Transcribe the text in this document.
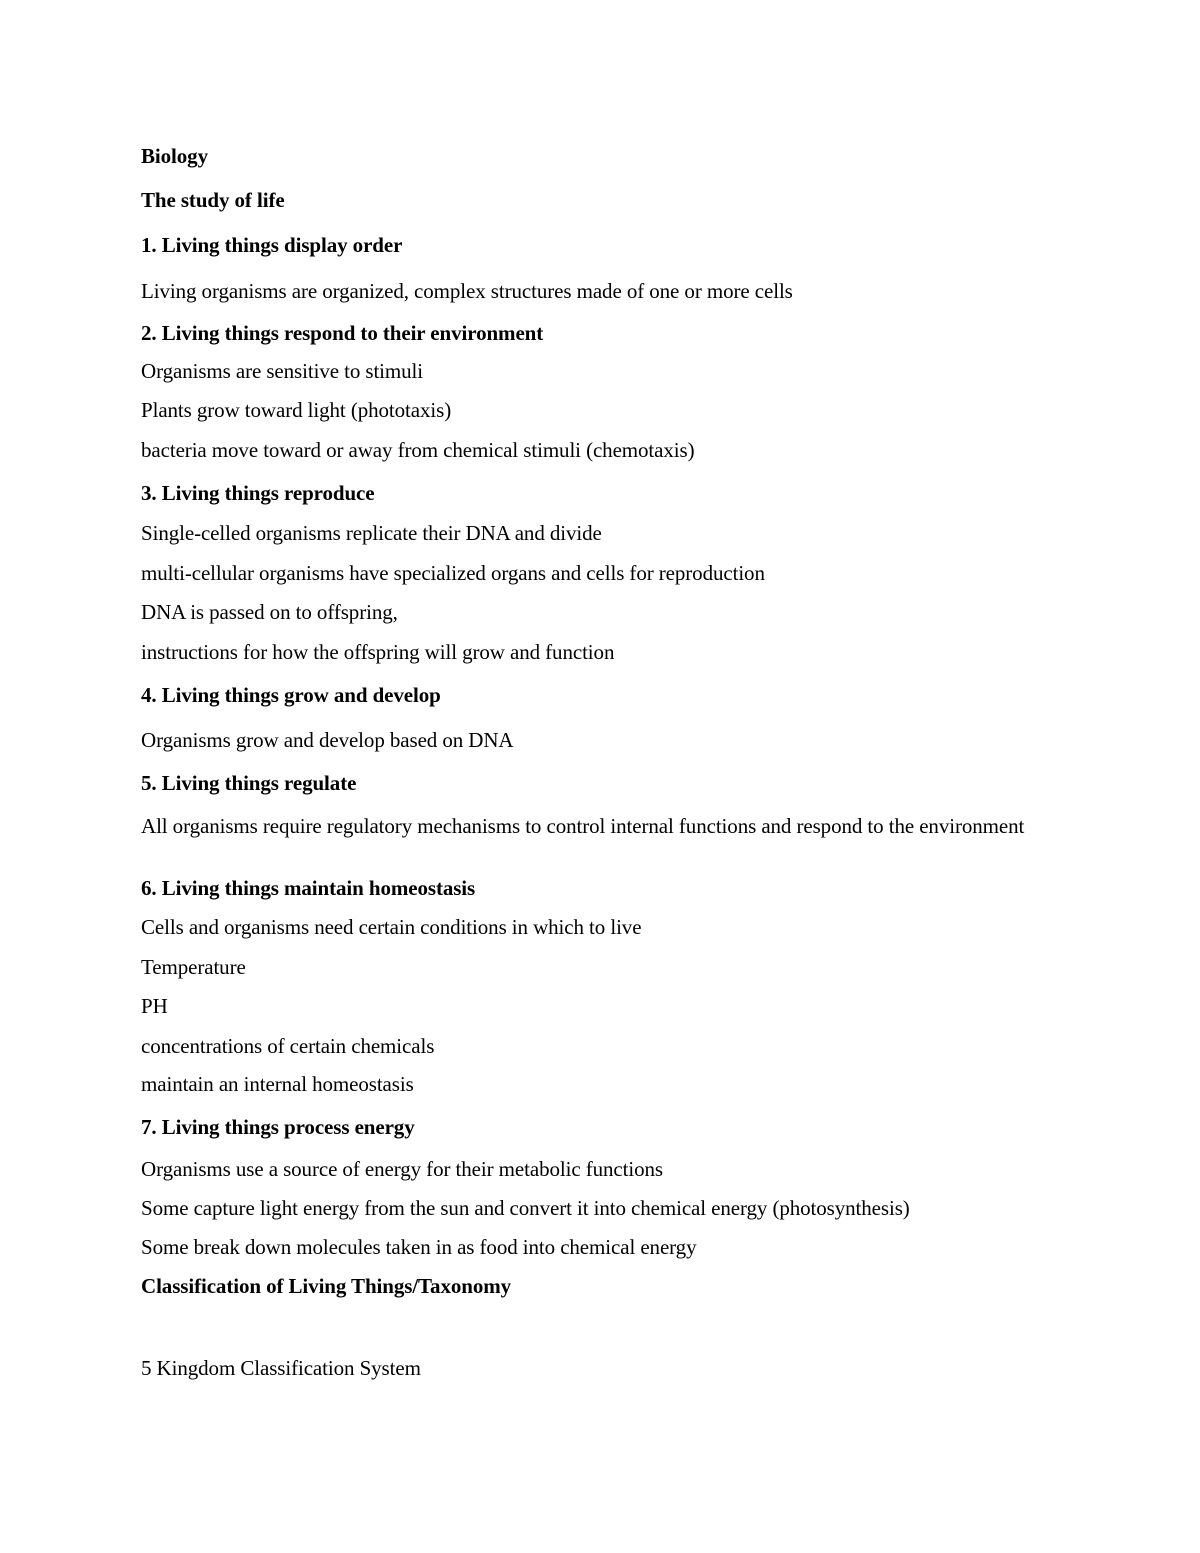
Biology
The study of life
1. Living things display order
Living organisms are organized, complex structures made of one or more cells
2. Living things respond to their environment
Organisms are sensitive to stimuli
Plants grow toward light (phototaxis)
bacteria move toward or away from chemical stimuli (chemotaxis)
3. Living things reproduce
Single-celled organisms replicate their DNA and divide
multi-cellular organisms have specialized organs and cells for reproduction
DNA is passed on to offspring,
instructions for how the offspring will grow and function
4. Living things grow and develop
Organisms grow and develop based on DNA
5. Living things regulate
All organisms require regulatory mechanisms to control internal functions and respond to the environment
6. Living things maintain homeostasis
Cells and organisms need certain conditions in which to live
Temperature
PH
concentrations of certain chemicals
maintain an internal homeostasis
7. Living things process energy
Organisms use a source of energy for their metabolic functions
Some capture light energy from the sun and convert it into chemical energy (photosynthesis)
Some break down molecules taken in as food into chemical energy
Classification of Living Things/Taxonomy
5 Kingdom Classification System
